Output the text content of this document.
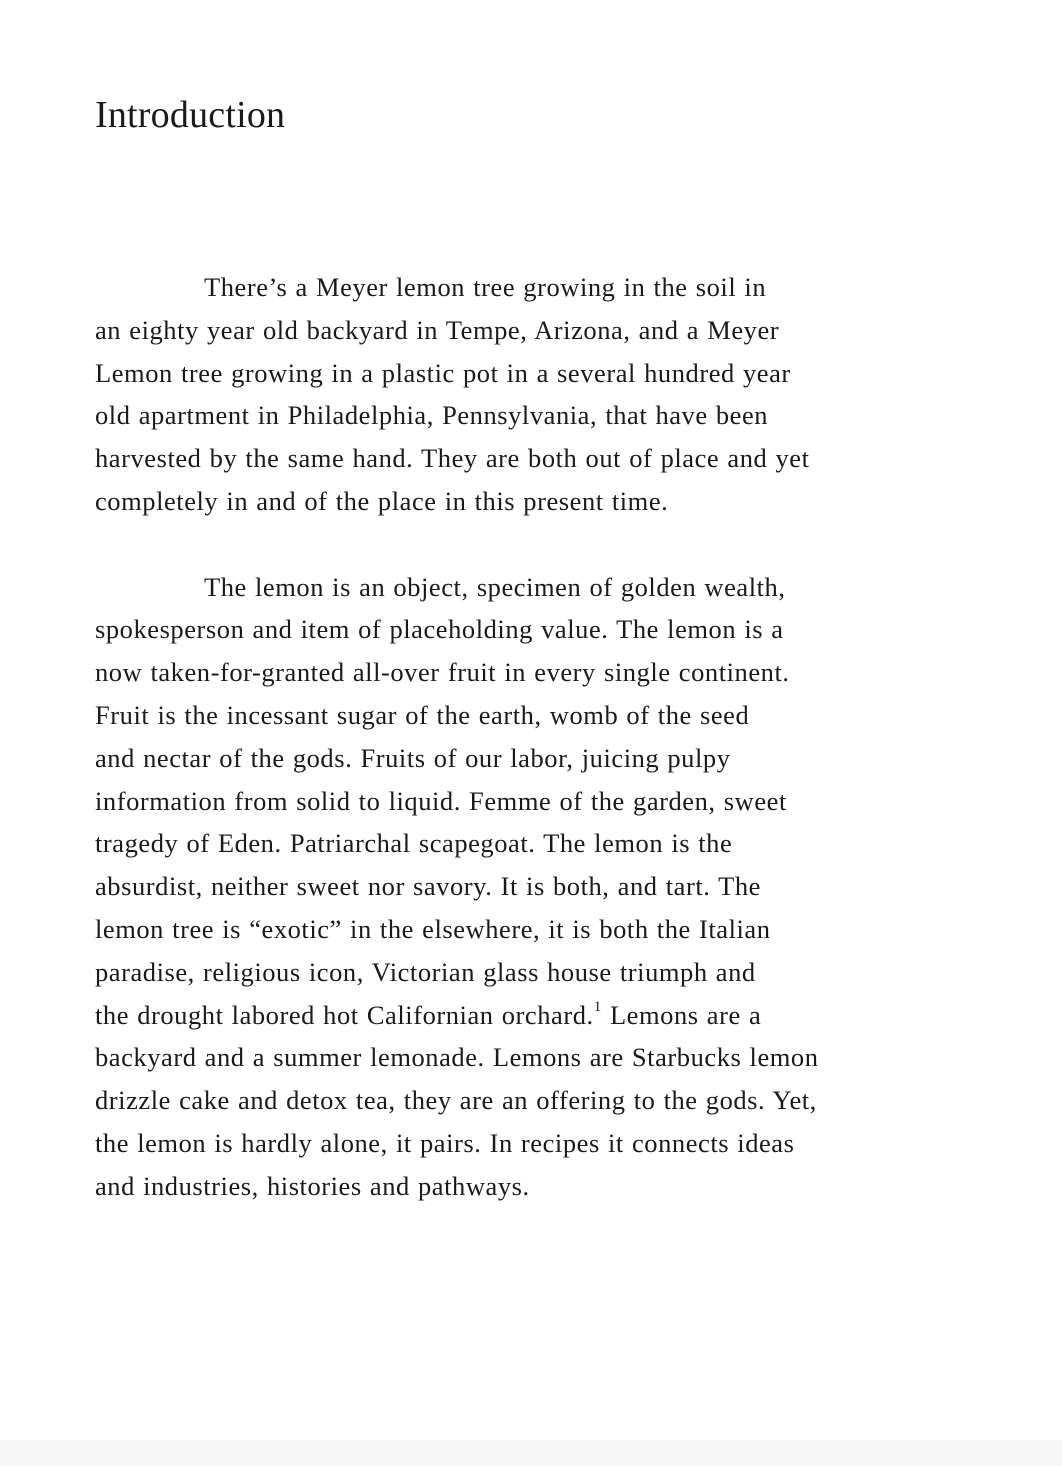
Introduction

There’s a Meyer lemon tree growing in the soil in
an eighty year old backyard in Tempe, Arizona, and a Meyer
Lemon tree growing in a plastic pot in a several hundred year
old apartment in Philadelphia, Pennsylvania, that have been
harvested by the same hand. They are both out of place and yet
completely in and of the place in this present time.

The lemon is an object, specimen of golden wealth,
spokesperson and item of placeholding value. The lemon is a
now taken-for-granted all-over fruit in every single continent.
Fruit is the incessant sugar of the earth, womb of the seed
and nectar of the gods. Fruits of our labor, juicing pulpy
information from solid to liquid. Femme of the garden, sweet
tragedy of Eden. Patriarchal scapegoat. The lemon is the
absurdist, neither sweet nor savory. It is both, and tart. The
lemon tree is “exotic” in the elsewhere, it is both the Italian
paradise, religious icon, Victorian glass house triumph and
the drought labored hot Californian orchard.$^1$ Lemons are a
backyard and a summer lemonade. Lemons are Starbucks lemon
drizzle cake and detox tea, they are an offering to the gods. Yet,
the lemon is hardly alone, it pairs. In recipes it connects ideas
and industries, histories and pathways.
